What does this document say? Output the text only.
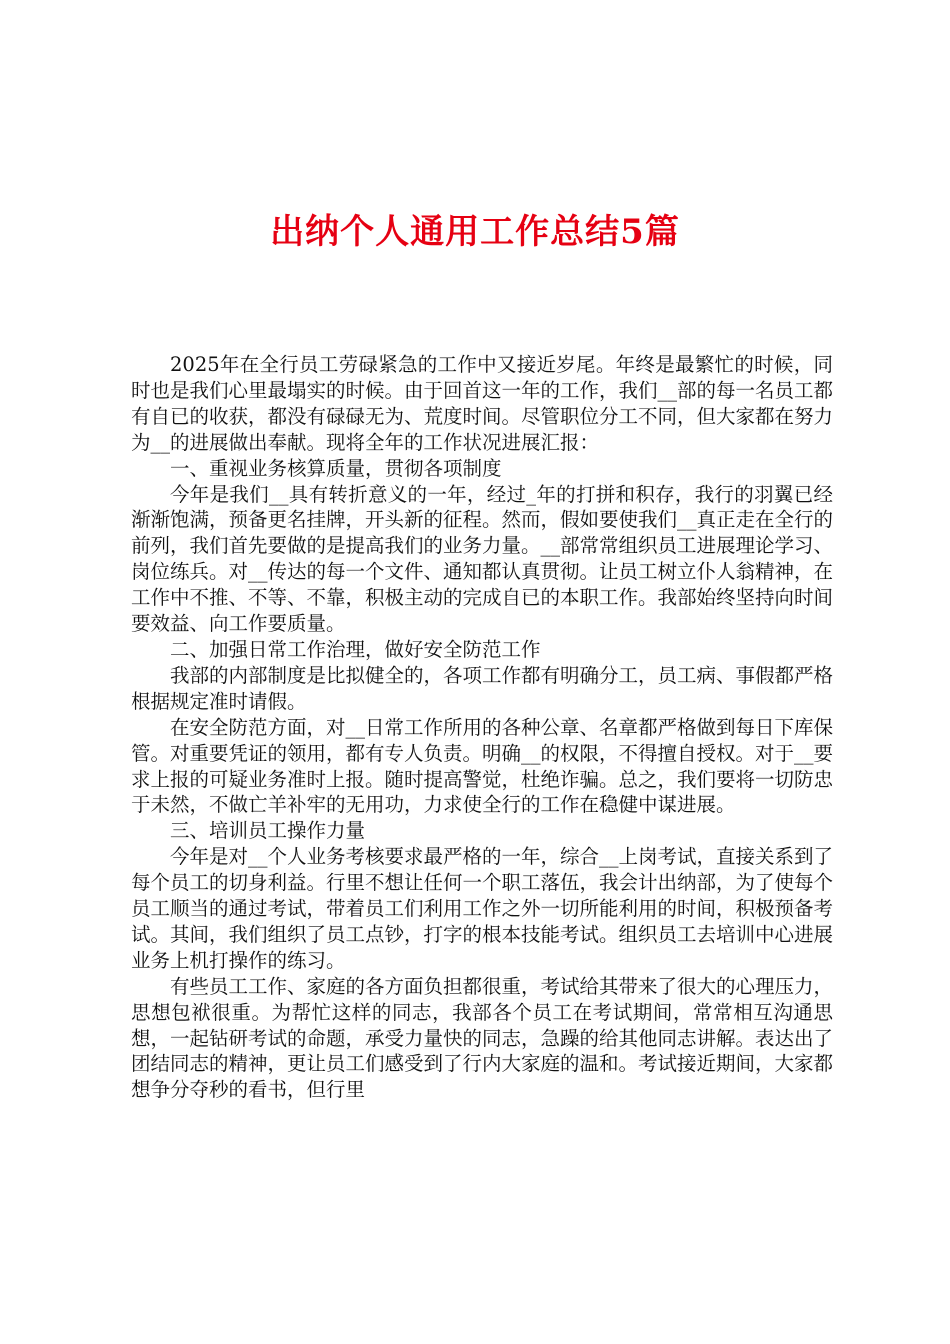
出纳个人通用工作总结5篇

2025年在全行员工劳碌紧急的工作中又接近岁尾。年终是最繁忙的时候，同时也是我们心里最塌实的时候。由于回首这一年的工作，我们__部的每一名员工都有自已的收获，都没有碌碌无为、荒度时间。尽管职位分工不同，但大家都在努力为__的进展做出奉献。现将全年的工作状况进展汇报：

一、重视业务核算质量，贯彻各项制度

今年是我们__具有转折意义的一年，经过_年的打拼和积存，我行的羽翼已经渐渐饱满，预备更名挂牌，开头新的征程。然而，假如要使我们__真正走在全行的前列，我们首先要做的是提高我们的业务力量。__部常常组织员工进展理论学习、岗位练兵。对__传达的每一个文件、通知都认真贯彻。让员工树立仆人翁精神，在工作中不推、不等、不靠，积极主动的完成自已的本职工作。我部始终坚持向时间要效益、向工作要质量。

二、加强日常工作治理，做好安全防范工作

我部的内部制度是比拟健全的，各项工作都有明确分工，员工病、事假都严格根据规定准时请假。

在安全防范方面，对__日常工作所用的各种公章、名章都严格做到每日下库保管。对重要凭证的领用，都有专人负责。明确__的权限，不得擅自授权。对于__要求上报的可疑业务准时上报。随时提高警觉，杜绝诈骗。总之，我们要将一切防忠于未然，不做亡羊补牢的无用功，力求使全行的工作在稳健中谋进展。

三、培训员工操作力量

今年是对__个人业务考核要求最严格的一年，综合__上岗考试，直接关系到了每个员工的切身利益。行里不想让任何一个职工落伍，我会计出纳部，为了使每个员工顺当的通过考试，带着员工们利用工作之外一切所能利用的时间，积极预备考试。其间，我们组织了员工点钞，打字的根本技能考试。组织员工去培训中心进展业务上机打操作的练习。

有些员工工作、家庭的各方面负担都很重，考试给其带来了很大的心理压力，思想包袱很重。为帮忙这样的同志，我部各个员工在考试期间，常常相互沟通思想，一起钻研考试的命题，承受力量快的同志，急躁的给其他同志讲解。表达出了团结同志的精神，更让员工们感受到了行内大家庭的温和。考试接近期间，大家都想争分夺秒的看书，但行里
